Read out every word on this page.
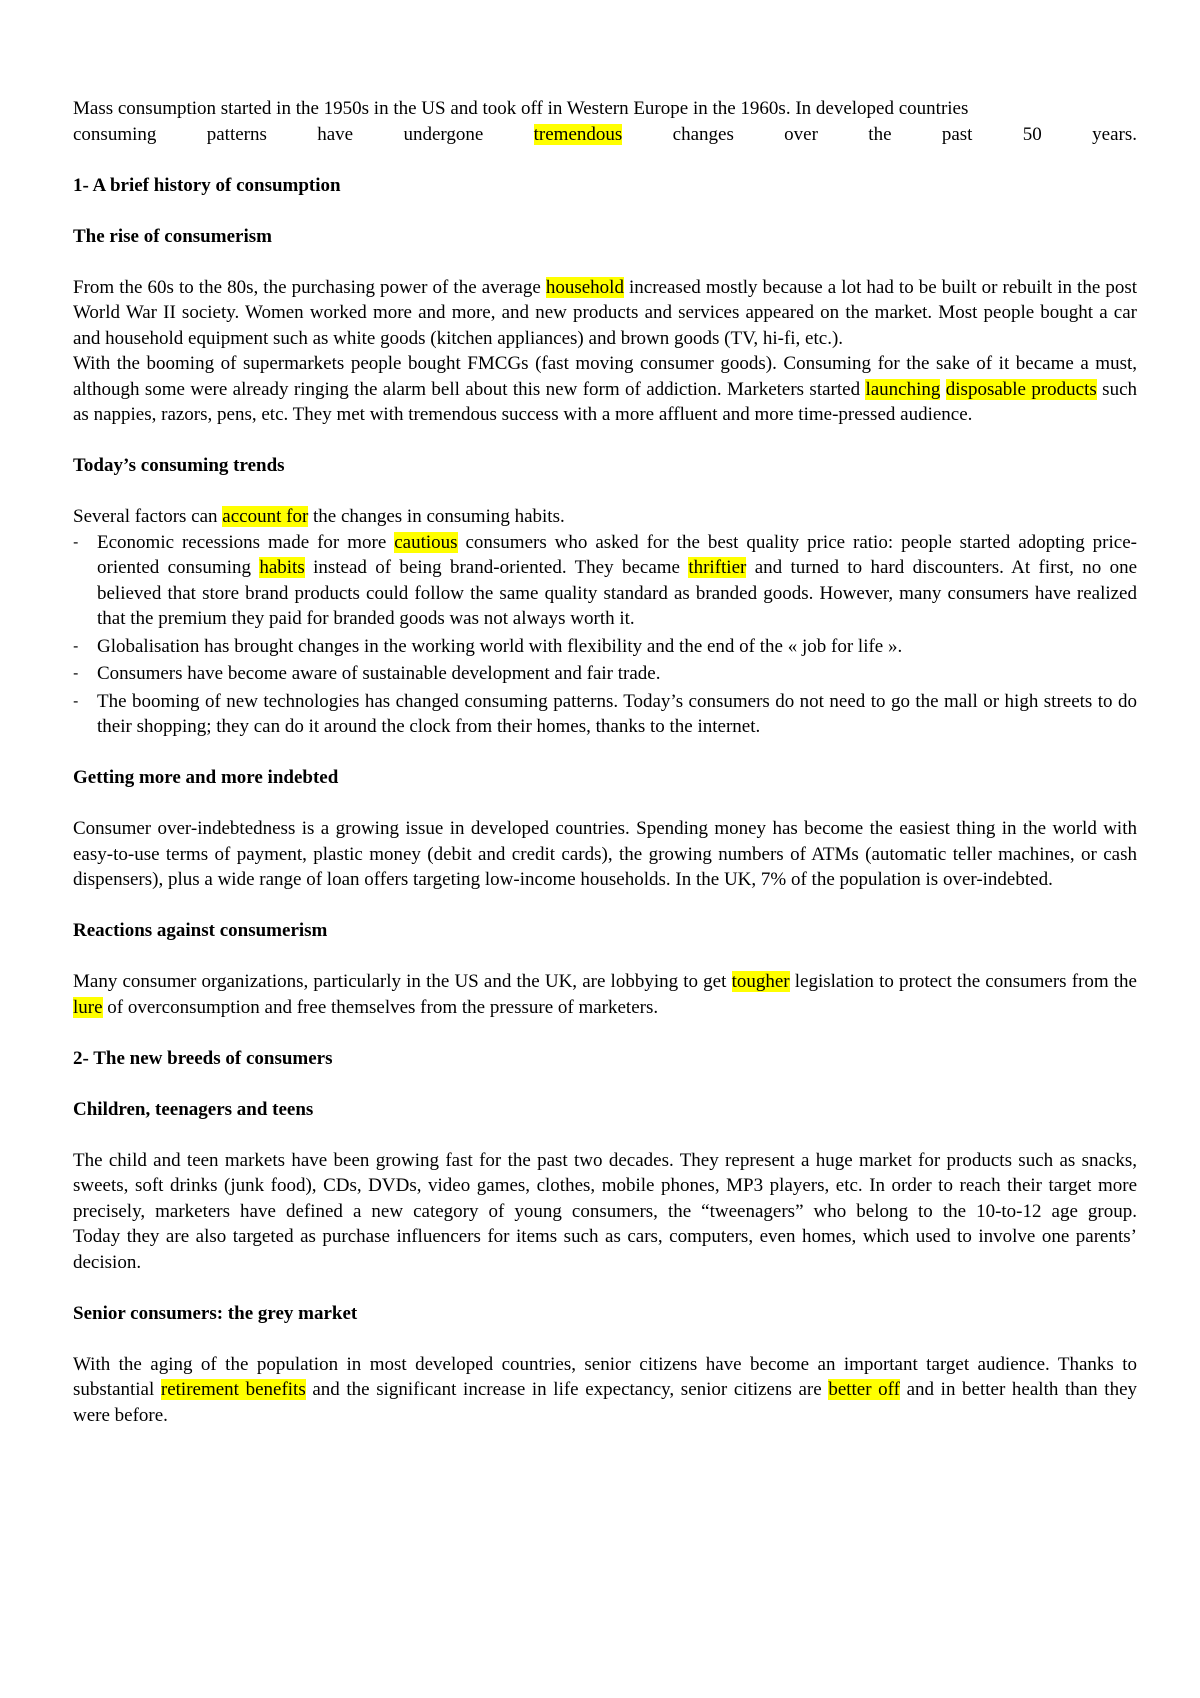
Mass consumption started in the 1950s in the US and took off in Western Europe in the 1960s. In developed countries

consuming patterns have undergone tremendous changes over the past 50 years.

1- A brief history of consumption

The rise of consumerism

From the 60s to the 80s, the purchasing power of the average household increased mostly because a lot had to be built or rebuilt in the post World War II society. Women worked more and more, and new products and services appeared on the market. Most people bought a car and household equipment such as white goods (kitchen appliances) and brown goods (TV, hi-fi, etc.).

With the booming of supermarkets people bought FMCGs (fast moving consumer goods). Consuming for the sake of it became a must, although some were already ringing the alarm bell about this new form of addiction. Marketers started launching disposable products such as nappies, razors, pens, etc. They met with tremendous success with a more affluent and more time-pressed audience.

Today’s consuming trends

Several factors can account for the changes in consuming habits.

- Economic recessions made for more cautious consumers who asked for the best quality price ratio: people started adopting price-oriented consuming habits instead of being brand-oriented. They became thriftier and turned to hard discounters. At first, no one believed that store brand products could follow the same quality standard as branded goods. However, many consumers have realized that the premium they paid for branded goods was not always worth it.
- Globalisation has brought changes in the working world with flexibility and the end of the « job for life ».
- Consumers have become aware of sustainable development and fair trade.
- The booming of new technologies has changed consuming patterns. Today’s consumers do not need to go the mall or high streets to do their shopping; they can do it around the clock from their homes, thanks to the internet.

Getting more and more indebted

Consumer over-indebtedness is a growing issue in developed countries. Spending money has become the easiest thing in the world with easy-to-use terms of payment, plastic money (debit and credit cards), the growing numbers of ATMs (automatic teller machines, or cash dispensers), plus a wide range of loan offers targeting low-income households. In the UK, 7% of the population is over-indebted.

Reactions against consumerism

Many consumer organizations, particularly in the US and the UK, are lobbying to get tougher legislation to protect the consumers from the lure of overconsumption and free themselves from the pressure of marketers.

2- The new breeds of consumers

Children, teenagers and teens

The child and teen markets have been growing fast for the past two decades. They represent a huge market for products such as snacks, sweets, soft drinks (junk food), CDs, DVDs, video games, clothes, mobile phones, MP3 players, etc. In order to reach their target more precisely, marketers have defined a new category of young consumers, the “tweenagers” who belong to the 10-to-12 age group.

Today they are also targeted as purchase influencers for items such as cars, computers, even homes, which used to involve one parents’ decision.

Senior consumers: the grey market

With the aging of the population in most developed countries, senior citizens have become an important target audience. Thanks to substantial retirement benefits and the significant increase in life expectancy, senior citizens are better off and in better health than they were before.
